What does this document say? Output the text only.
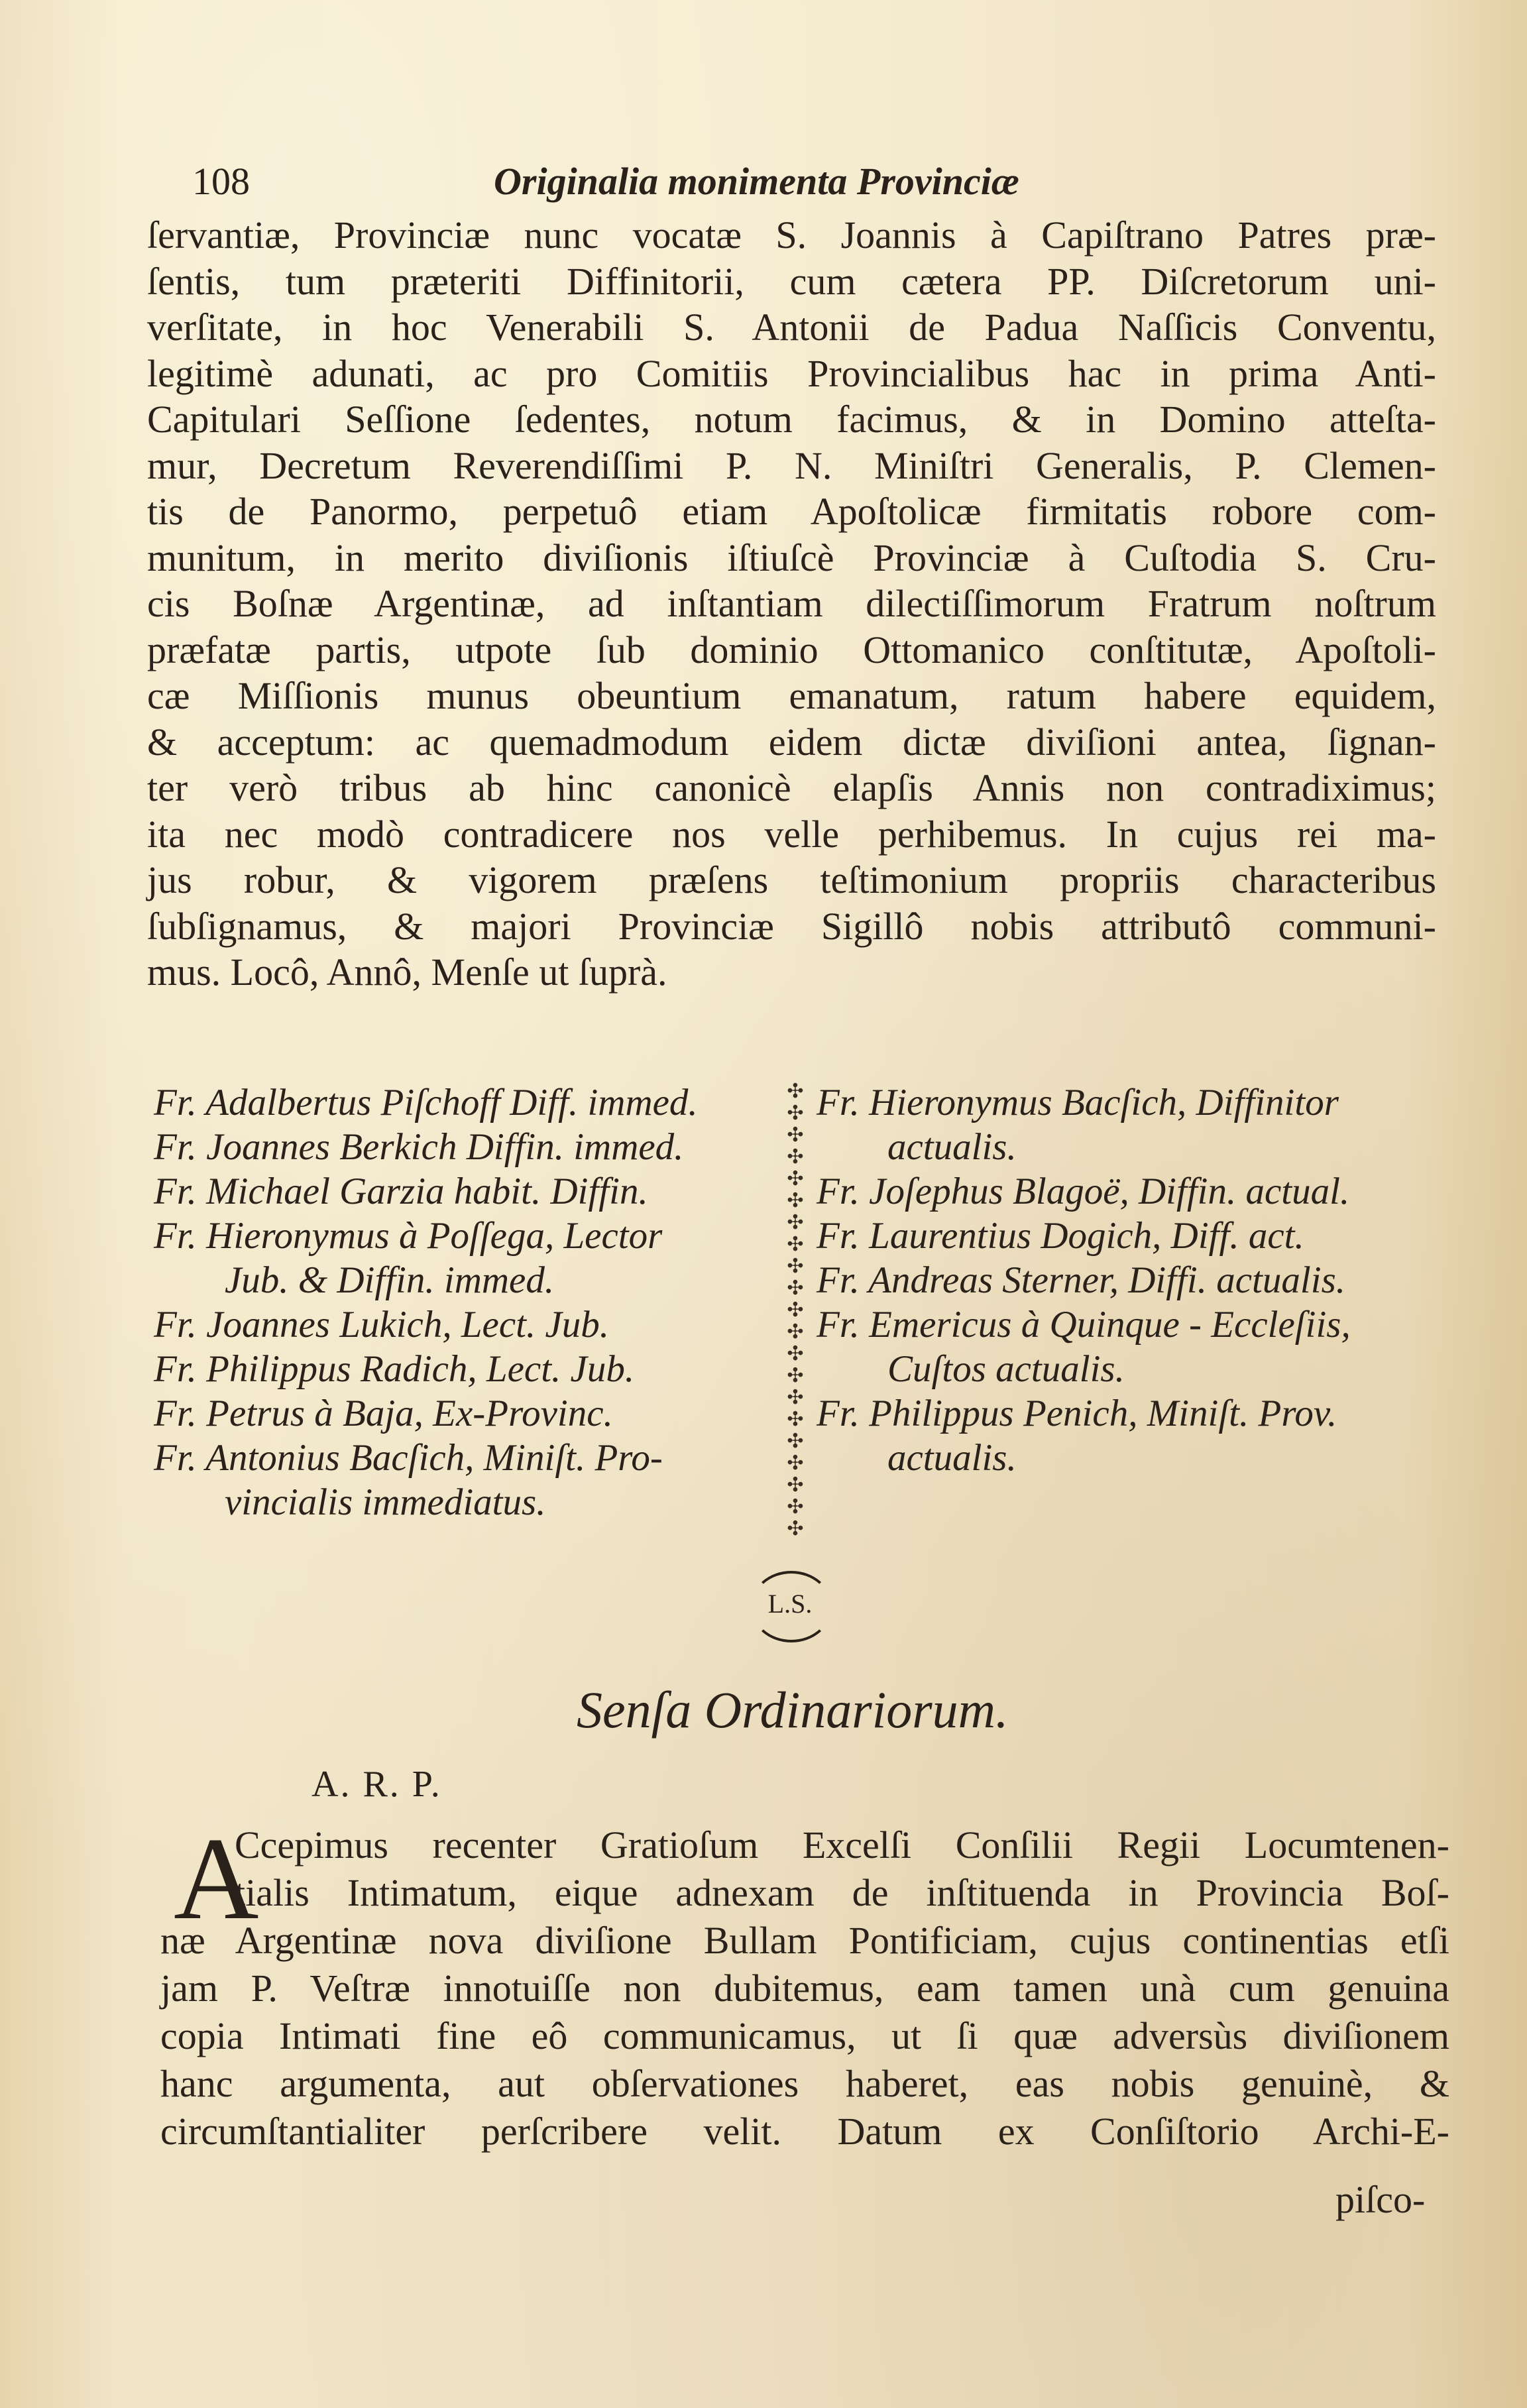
108	Originalia monimenta Provinciæ
ſervantiæ, Provinciæ nunc vocatæ S. Joannis à Capiſtrano Patres præ-
ſentis, tum præteriti Diffinitorii, cum cætera PP. Diſcretorum uni-
verſitate, in hoc Venerabili S. Antonii de Padua Naſſicis Conventu,
legitimè adunati, ac pro Comitiis Provincialibus hac in prima Anti-
Capitulari Seſſione ſedentes, notum facimus, & in Domino atteſta-
mur, Decretum Reverendiſſimi P. N. Miniſtri Generalis, P. Clemen-
tis de Panormo, perpetuô etiam Apoſtolicæ firmitatis robore com-
munitum, in merito diviſionis iſtiuſcè Provinciæ à Cuſtodia S. Cru-
cis Boſnæ Argentinæ, ad inſtantiam dilectiſſimorum Fratrum noſtrum
præfatæ partis, utpote ſub dominio Ottomanico conſtitutæ, Apoſtoli-
cæ Miſſionis munus obeuntium emanatum, ratum habere equidem,
& acceptum: ac quemadmodum eidem dictæ diviſioni antea, ſignan-
ter verò tribus ab hinc canonicè elapſis Annis non contradiximus;
ita nec modò contradicere nos velle perhibemus. In cujus rei ma-
jus robur, & vigorem præſens teſtimonium propriis characteribus
ſubſignamus, & majori Provinciæ Sigillô nobis attributô communi-
mus. Locô, Annô, Menſe ut ſuprà.
Fr. Adalbertus Piſchoff Diff. immed.
Fr. Joannes Berkich Diffin. immed.
Fr. Michael Garzia habit. Diffin.
Fr. Hieronymus à Poſſega, Lector
Jub. & Diffin. immed.
Fr. Joannes Lukich, Lect. Jub.
Fr. Philippus Radich, Lect. Jub.
Fr. Petrus à Baja, Ex-Provinc.
Fr. Antonius Bacſich, Miniſt. Pro-
vincialis immediatus.
✣
✣
✣
✣
✣
✣
✣
✣
✣
✣
✣
✣
✣
✣
✣
✣
✣
✣
✣
✣
✣
Fr. Hieronymus Bacſich, Diffinitor
actualis.
Fr. Joſephus Blagoë, Diffin. actual.
Fr. Laurentius Dogich, Diff. act.
Fr. Andreas Sterner, Diffi. actualis.
Fr. Emericus à Quinque - Eccleſiis,
Cuſtos actualis.
Fr. Philippus Penich, Miniſt. Prov.
actualis.
L.S.
Senſa Ordinariorum.
A. R. P.
A
Ccepimus recenter Gratioſum Excelſi Conſilii Regii Locumtenen-
tialis Intimatum, eique adnexam de inſtituenda in Provincia Boſ-
næ Argentinæ nova diviſione Bullam Pontificiam, cujus continentias etſi
jam P. Veſtræ innotuiſſe non dubitemus, eam tamen unà cum genuina
copia Intimati fine eô communicamus, ut ſi quæ adversùs diviſionem
hanc argumenta, aut obſervationes haberet, eas nobis genuinè, &
circumſtantialiter perſcribere velit. Datum ex Conſiſtorio Archi-E-
piſco-
